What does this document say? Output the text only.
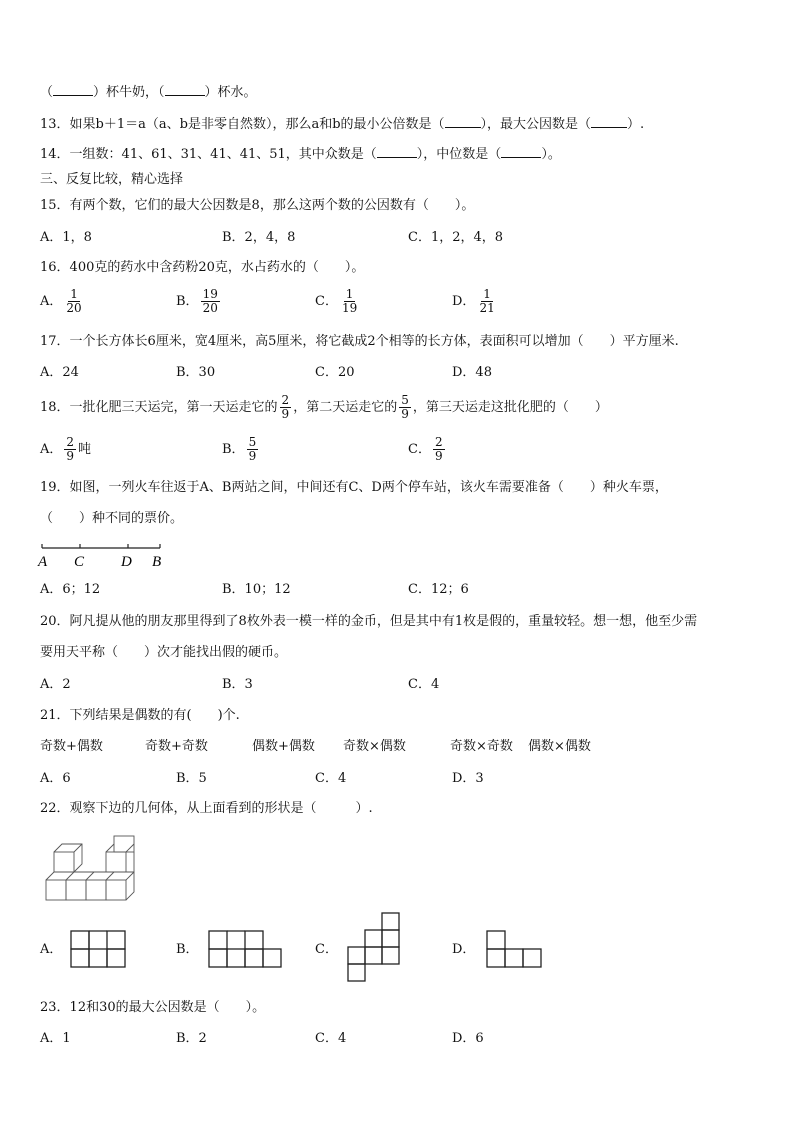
（	）杯牛奶，（	）杯水。
13．如果b＋1＝a（a、b是非零自然数），那么a和b的最小公倍数是（	），最大公因数是（	）.
14．一组数：41、61、31、41、41、51，其中众数是（	），中位数是（	）。
三、反复比较，精心选择
15．有两个数，它们的最大公因数是8，那么这两个数的公因数有（　　）。
A．1，8	B．2，4，8	C．1，2，4，8
16．400克的药水中含药粉20克，水占药水的（　　）。
A． $\frac{1}{20}$	B． $\frac{19}{20}$	C． $\frac{1}{19}$	D． $\frac{1}{21}$
17．一个长方体长6厘米，宽4厘米，高5厘米，将它截成2个相等的长方体，表面积可以增加（　　）平方厘米.
A．24	B．30	C．20	D．48
18．一批化肥三天运完，第一天运走它的 $\frac{2}{9}$ ，第二天运走它的 $\frac{5}{9}$ ，第三天运走这批化肥的（　　）
A． $\frac{2}{9}$ 吨	B． $\frac{5}{9}$	C． $\frac{2}{9}$
19．如图，一列火车往返于A、B两站之间，中间还有C、D两个停车站，该火车需要准备（　　）种火车票，
（　　）种不同的票价。
A C D B
A．6；12	B．10；12	C．12；6
20．阿凡提从他的朋友那里得到了8枚外表一模一样的金币，但是其中有1枚是假的，重量较轻。想一想，他至少需
要用天平称（　　）次才能找出假的硬币。
A．2	B．3	C．4
21．下列结果是偶数的有(　　)个.
奇数+偶数	奇数+奇数	偶数+偶数 奇数×偶数	奇数×奇数 偶数×偶数
A．6	B．5	C．4	D．3
22．观察下边的几何体，从上面看到的形状是（　　　）.
A．	B．	C．	D．
23．12和30的最大公因数是（　　）。
A．1	B．2	C．4	D．6
